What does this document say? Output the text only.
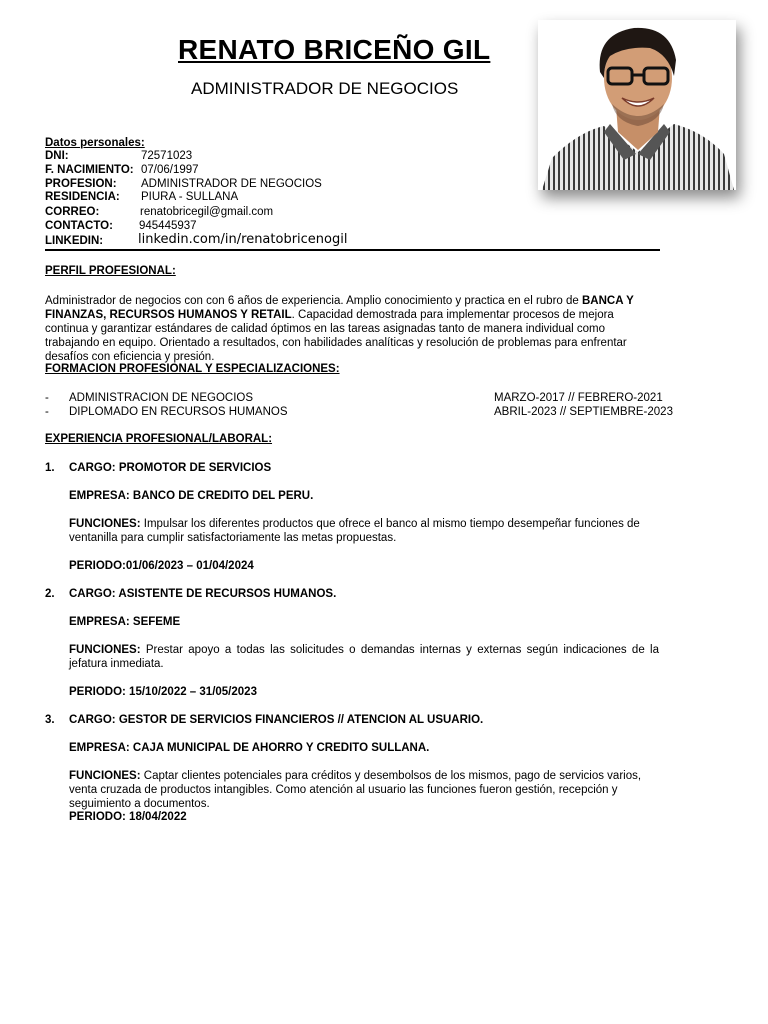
RENATO BRICEÑO GIL
ADMINISTRADOR DE NEGOCIOS
Datos personales:
DNI:	72571023
F. NACIMIENTO: 07/06/1997
PROFESION: ADMINISTRADOR DE NEGOCIOS
RESIDENCIA: PIURA - SULLANA
CORREO:	renatobricegil@gmail.com
CONTACTO: 945445937
LINKEDIN:	linkedin.com/in/renatobricenogil
PERFIL PROFESIONAL:
Administrador de negocios con con 6 años de experiencia. Amplio conocimiento y practica en el rubro de BANCA Y FINANZAS, RECURSOS HUMANOS Y RETAIL. Capacidad demostrada para implementar procesos de mejora continua y garantizar estándares de calidad óptimos en las tareas asignadas tanto de manera individual como trabajando en equipo. Orientado a resultados, con habilidades analíticas y resolución de problemas para enfrentar desafíos con eficiencia y presión.
FORMACION PROFESIONAL Y ESPECIALIZACIONES:
- ADMINISTRACION DE NEGOCIOS	MARZO-2017 // FEBRERO-2021
- DIPLOMADO EN RECURSOS HUMANOS	ABRIL-2023 // SEPTIEMBRE-2023
EXPERIENCIA PROFESIONAL/LABORAL:
1. CARGO: PROMOTOR DE SERVICIOS
EMPRESA: BANCO DE CREDITO DEL PERU.
FUNCIONES: Impulsar los diferentes productos que ofrece el banco al mismo tiempo desempeñar funciones de ventanilla para cumplir satisfactoriamente las metas propuestas.
PERIODO:01/06/2023 – 01/04/2024
2. CARGO: ASISTENTE DE RECURSOS HUMANOS.
EMPRESA: SEFEME
FUNCIONES: Prestar apoyo a todas las solicitudes o demandas internas y externas según indicaciones de la jefatura inmediata.
PERIODO: 15/10/2022 – 31/05/2023
3. CARGO: GESTOR DE SERVICIOS FINANCIEROS // ATENCION AL USUARIO.
EMPRESA: CAJA MUNICIPAL DE AHORRO Y CREDITO SULLANA.
FUNCIONES: Captar clientes potenciales para créditos y desembolsos de los mismos, pago de servicios varios, venta cruzada de productos intangibles. Como atención al usuario las funciones fueron gestión, recepción y seguimiento a documentos.
PERIODO: 18/04/2022
